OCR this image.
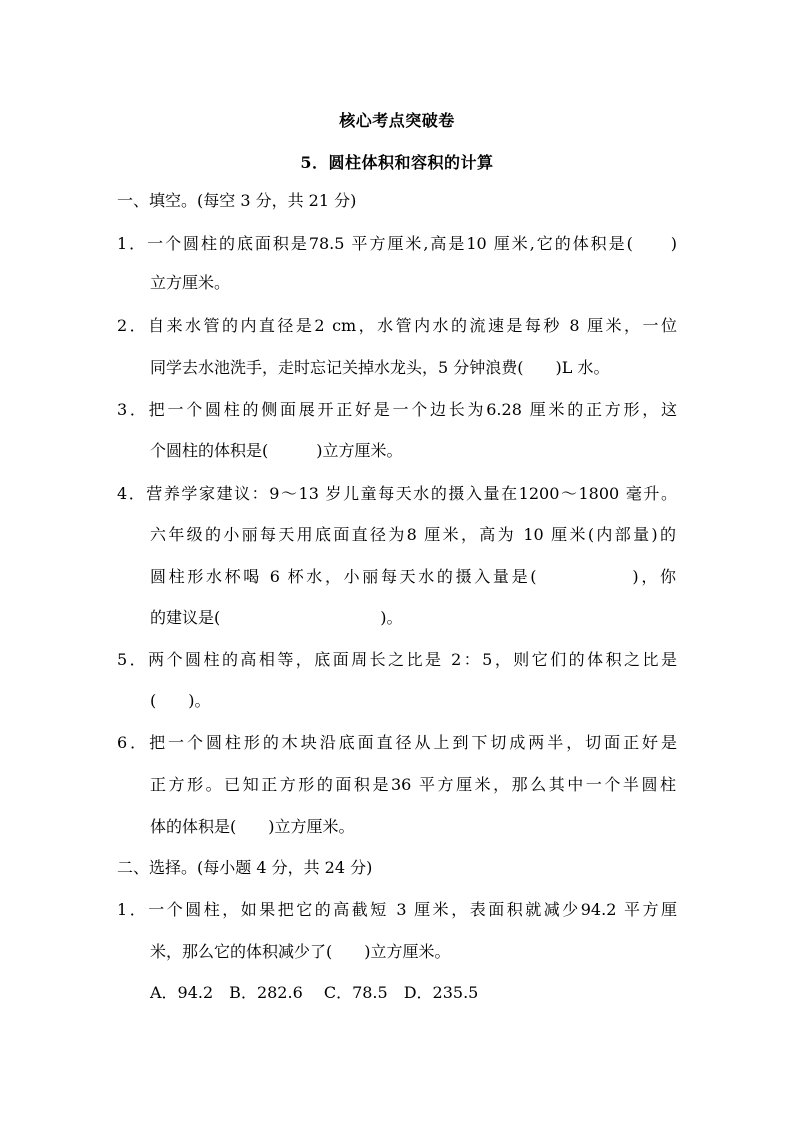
核心考点突破卷
5．圆柱体积和容积的计算
一、填空。(每空 3 分，共 21 分)
1．一个圆柱的底面积是78.5 平方厘米,高是10 厘米,它的体积是(　　)
立方厘米。
2．自来水管的内直径是2 cm，水管内水的流速是每秒 8 厘米，一位
同学去水池洗手，走时忘记关掉水龙头，5 分钟浪费(　　)L 水。
3．把一个圆柱的侧面展开正好是一个边长为6.28 厘米的正方形，这
个圆柱的体积是(　　　)立方厘米。
4．营养学家建议：9～13 岁儿童每天水的摄入量在1200～1800 毫升。
六年级的小丽每天用底面直径为8 厘米，高为 10 厘米(内部量)的
圆柱形水杯喝 6 杯水，小丽每天水的摄入量是(　　　　　)，你
的建议是(　　　　　　　　　　)。
5．两个圆柱的高相等，底面周长之比是 2：5，则它们的体积之比是
(　　)。
6．把一个圆柱形的木块沿底面直径从上到下切成两半，切面正好是
正方形。已知正方形的面积是36 平方厘米，那么其中一个半圆柱
体的体积是(　　)立方厘米。
二、选择。(每小题 4 分，共 24 分)
1．一个圆柱，如果把它的高截短 3 厘米，表面积就减少94.2 平方厘
米，那么它的体积减少了(　　)立方厘米。
A．94.2　B．282.6　 C．78.5　D．235.5
